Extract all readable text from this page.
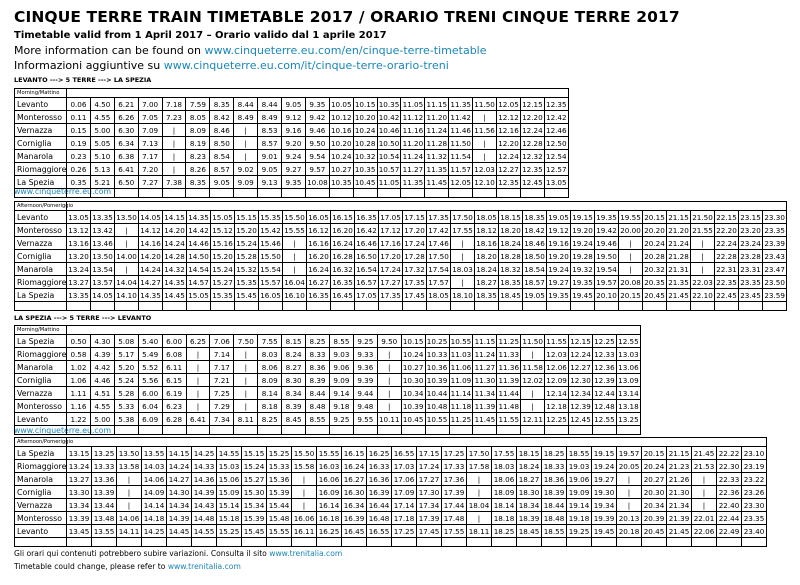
CINQUE TERRE TRAIN TIMETABLE 2017 / ORARIO TRENI CINQUE TERRE 2017
Timetable valid from 1 April 2017 – Orario valido dal 1 aprile 2017
More information can be found on www.cinqueterre.eu.com/en/cinque-terre-timetable
Informazioni aggiuntive su www.cinqueterre.eu.com/it/cinque-terre-orario-treni
LEVANTO ---> 5 TERRE ---> LA SPEZIA
LA SPEZIA ---> 5 TERRE ---> LEVANTO
www.cinqueterre.eu.com
www.cinqueterre.eu.com
Morning/Mattino																					
Levanto	0.06	4.50	6.21	7.00	7.18	7.59	8.35	8.44	8.44	9.05	9.35	10.05	10.15	10.35	11.05	11.15	11.35	11.50	12.05	12.15	12.35
Monterosso	0.11	4.55	6.26	7.05	7.23	8.05	8.42	8.49	8.49	9.12	9.42	10.12	10.20	10.42	11.12	11.20	11.42	|	12.12	12.20	12.42
Vernazza	0.15	5.00	6.30	7.09	|	8.09	8.46	|	8.53	9.16	9.46	10.16	10.24	10.46	11.16	11.24	11.46	11.56	12.16	12.24	12.46
Corniglia	0.19	5.05	6.34	7.13	|	8.19	8.50	|	8.57	9.20	9.50	10.20	10.28	10.50	11.20	11.28	11.50	|	12.20	12.28	12.50
Manarola	0.23	5.10	6.38	7.17	|	8.23	8.54	|	9.01	9.24	9.54	10.24	10.32	10.54	11.24	11.32	11.54	|	12.24	12.32	12.54
Riomaggiore	0.26	5.13	6.41	7.20	|	8.26	8.57	9.02	9.05	9.27	9.57	10.27	10.35	10.57	11.27	11.35	11.57	12.03	12.27	12.35	12.57
La Spezia	0.35	5.21	6.50	7.27	7.38	8.35	9.05	9.09	9.13	9.35	10.08	10.35	10.45	11.05	11.35	11.45	12.05	12.10	12.35	12.45	13.05

Afternoon/Pomeriggio																														
Levanto	13.05	13.35	13.50	14.05	14.15	14.35	15.05	15.15	15.35	15.50	16.05	16.15	16.35	17.05	17.15	17.35	17.50	18.05	18.15	18.35	19.05	19.15	19.35	19.55	20.15	21.15	21.50	22.15	23.15	23.30
Monterosso	13.12	13.42	|	14.12	14.20	14.42	15.12	15.20	15.42	15.55	16.12	16.20	16.42	17.12	17.20	17.42	17.55	18.12	18.20	18.42	19.12	19.20	19.42	20.00	20.20	21.20	21.55	22.20	23.20	23.35
Vernazza	13.16	13.46	|	14.16	14.24	14.46	15.16	15.24	15.46	|	16.16	16.24	16.46	17.16	17.24	17.46	|	18.16	18.24	18.46	19.16	19.24	19.46	|	20.24	21.24	|	22.24	23.24	23.39
Corniglia	13.20	13.50	14.00	14.20	14.28	14.50	15.20	15.28	15.50	|	16.20	16.28	16.50	17.20	17.28	17.50	|	18.20	18.28	18.50	19.20	19.28	19.50	|	20.28	21.28	|	22.28	23.28	23.43
Manarola	13.24	13.54	|	14.24	14.32	14.54	15.24	15.32	15.54	|	16.24	16.32	16.54	17.24	17.32	17.54	18.03	18.24	18.32	18.54	19.24	19.32	19.54	|	20.32	21.31	|	22.31	23.31	23.47
Riomaggiore	13.27	13.57	14.04	14.27	14.35	14.57	15.27	15.35	15.57	16.04	16.27	16.35	16.57	17.27	17.35	17.57	|	18.27	18.35	18.57	19.27	19.35	19.57	20.08	20.35	21.35	22.03	22.35	23.35	23.50
La Spezia	13.35	14.05	14.10	14.35	14.45	15.05	15.35	15.45	16.05	16.10	16.35	16.45	17.05	17.35	17.45	18.05	18.10	18.35	18.45	19.05	19.35	19.45	20.10	20.15	20.45	21.45	22.10	22.45	23.45	23.59

Morning/Mattino																								
La Spezia	0.50	4.30	5.08	5.40	6.00	6.25	7.06	7.50	7.55	8.15	8.25	8.55	9.25	9.50	10.15	10.25	10.55	11.15	11.25	11.50	11.55	12.15	12.25	12.55
Riomaggiore	0.58	4.39	5.17	5.49	6.08	|	7.14	|	8.03	8.24	8.33	9.03	9.33	|	10.24	10.33	11.03	11.24	11.33	|	12.03	12.24	12.33	13.03
Manarola	1.02	4.42	5.20	5.52	6.11	|	7.17	|	8.06	8.27	8.36	9.06	9.36	|	10.27	10.36	11.06	11.27	11.36	11.58	12.06	12.27	12.36	13.06
Corniglia	1.06	4.46	5.24	5.56	6.15	|	7.21	|	8.09	8.30	8.39	9.09	9.39	|	10.30	10.39	11.09	11.30	11.39	12.02	12.09	12.30	12.39	13.09
Vernazza	1.11	4.51	5.28	6.00	6.19	|	7.25	|	8.14	8.34	8.44	9.14	9.44	|	10.34	10.44	11.14	11.34	11.44	|	12.14	12.34	12.44	13.14
Monterosso	1.16	4.55	5.33	6.04	6.23	|	7.29	|	8.18	8.39	8.48	9.18	9.48	|	10.39	10.48	11.18	11.39	11.48	|	12.18	12.39	12.48	13.18
Levanto	1.22	5.00	5.38	6.09	6.28	6.41	7.34	8.11	8.25	8.45	8.55	9.25	9.55	10.11	10.45	10.55	11.25	11.45	11.55	12.11	12.25	12.45	12.55	13.25

Afternoon/Pomeriggio																												
La Spezia	13.15	13.25	13.50	13.55	14.15	14.25	14.55	15.15	15.25	15.50	15.55	16.15	16.25	16.55	17.15	17.25	17.50	17.55	18.15	18.25	18.55	19.15	19.57	20.15	21.15	21.45	22.22	23.10
Riomaggiore	13.24	13.33	13.58	14.03	14.24	14.33	15.03	15.24	15.33	15.58	16.03	16.24	16.33	17.03	17.24	17.33	17.58	18.03	18.24	18.33	19.03	19.24	20.05	20.24	21.23	21.53	22.30	23.19
Manarola	13.27	13.36	|	14.06	14.27	14.36	15.06	15.27	15.36	|	16.06	16.27	16.36	17.06	17.27	17.36	|	18.06	18.27	18.36	19.06	19.27	|	20.27	21.26	|	22.33	23.22
Corniglia	13.30	13.39	|	14.09	14.30	14.39	15.09	15.30	15.39	|	16.09	16.30	16.39	17.09	17.30	17.39	|	18.09	18.30	18.39	19.09	19.30	|	20.30	21.30	|	22.36	23.26
Vernazza	13.34	13.44	|	14.14	14.34	14.43	15.14	15.34	15.44	|	16.14	16.34	16.44	17.14	17.34	17.44	18.04	18.14	18.34	18.44	19.14	19.34	|	20.34	21.34	|	22.40	23.30
Monterosso	13.39	13.48	14.06	14.18	14.39	14.48	15.18	15.39	15.48	16.06	16.18	16.39	16.48	17.18	17.39	17.48	|	18.18	18.39	18.48	19.18	19.39	20.13	20.39	21.39	22.01	22.44	23.35
Levanto	13.45	13.55	14.11	14.25	14.45	14.55	15.25	15.45	15.55	16.11	16.25	16.45	16.55	17.25	17.45	17.55	18.11	18.25	18.45	18.55	19.25	19.45	20.18	20.45	21.45	22.06	22.49	23.40

Gli orari qui contenuti potrebbero subire variazioni. Consulta il sito www.trenitalia.com
Timetable could change, please refer to www.trenitalia.com
